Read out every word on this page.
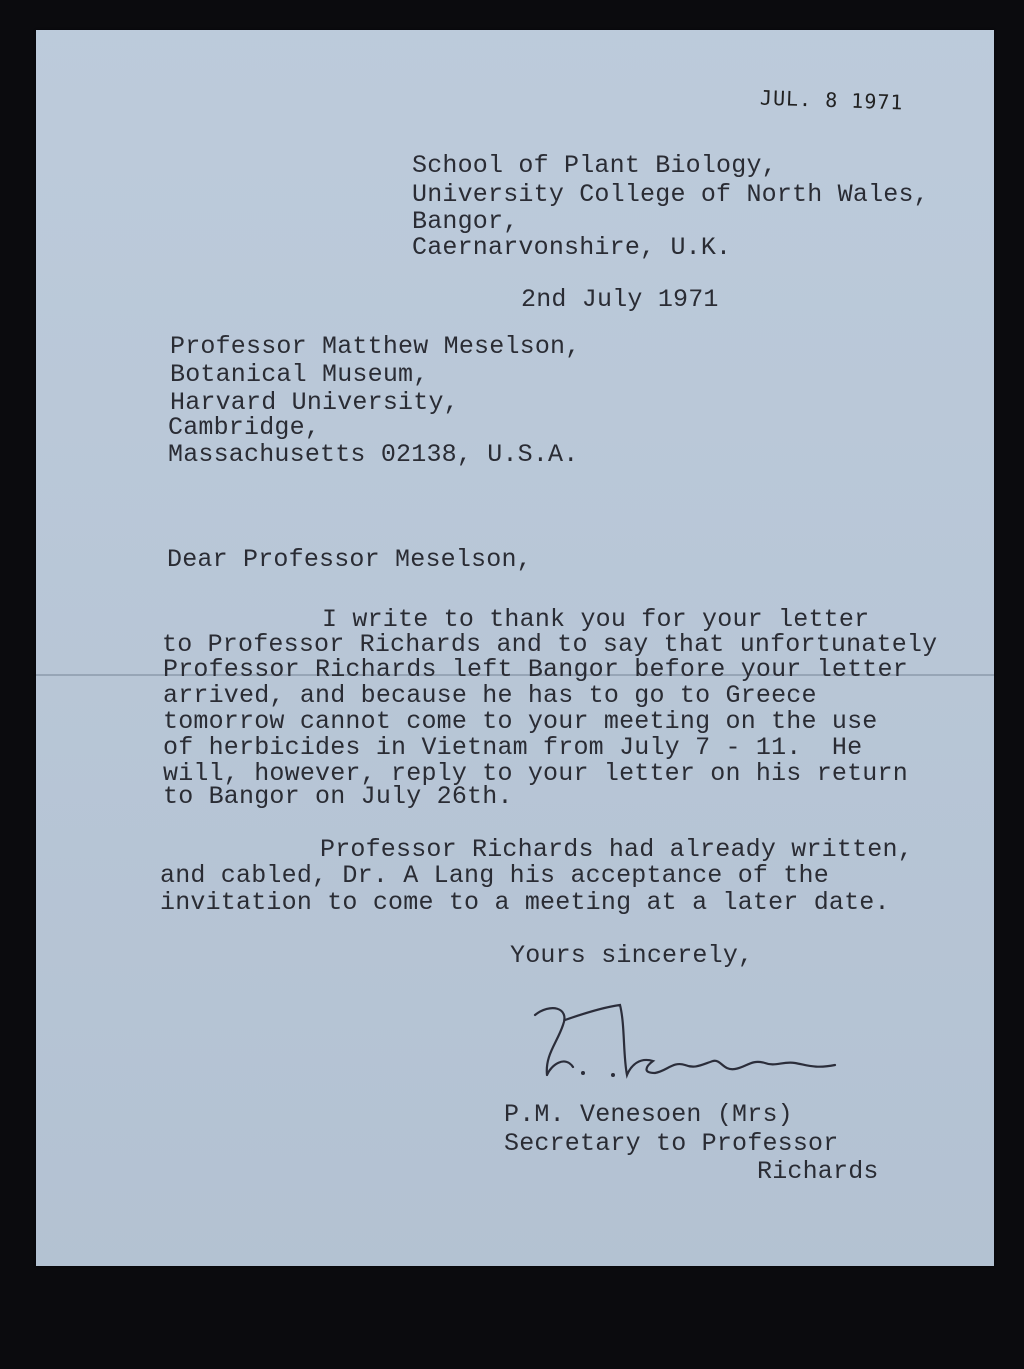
JUL. 8 1971
School of Plant Biology,
University College of North Wales,
Bangor,
Caernarvonshire, U.K.
2nd July 1971
Professor Matthew Meselson,
Botanical Museum,
Harvard University,
Cambridge,
Massachusetts 02138, U.S.A.
Dear Professor Meselson,
I write to thank you for your letter
to Professor Richards and to say that unfortunately
Professor Richards left Bangor before your letter
arrived, and because he has to go to Greece
tomorrow cannot come to your meeting on the use
of herbicides in Vietnam from July 7 - 11.  He
will, however, reply to your letter on his return
to Bangor on July 26th.
Professor Richards had already written,
and cabled, Dr. A Lang his acceptance of the
invitation to come to a meeting at a later date.
Yours sincerely,
P.M. Venesoen (Mrs)
Secretary to Professor
Richards
